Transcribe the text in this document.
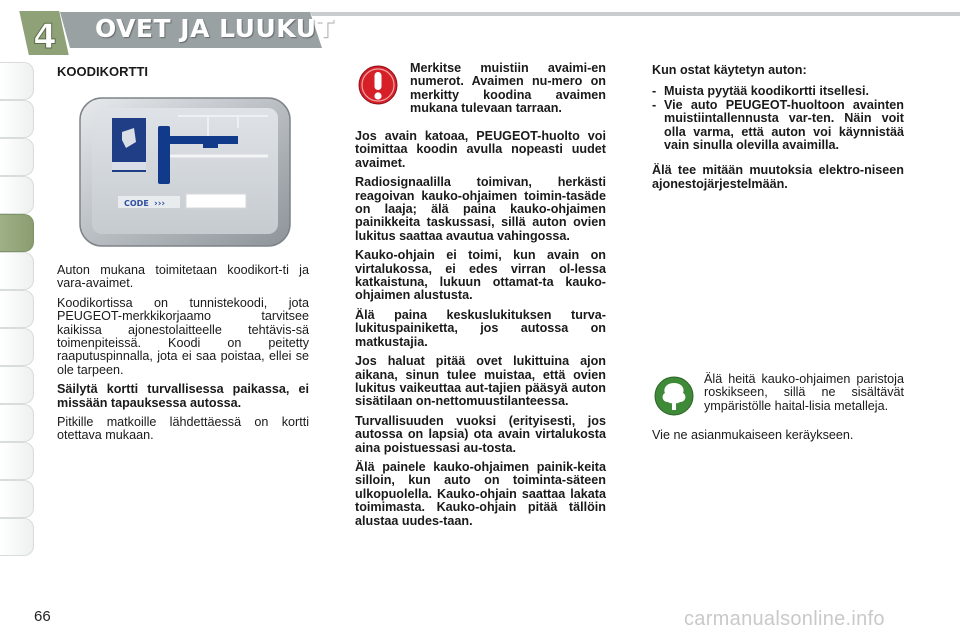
4 OVET JA LUUKUT
KOODIKORTTI
CODE ›››

Auton mukana toimitetaan koodikort-ti ja vara-avaimet.

Koodikortissa on tunnistekoodi, jota PEUGEOT-merkkikorjaamo tarvitsee kaikissa ajonestolaitteelle tehtävis-sä toimenpiteissä. Koodi on peitetty raaputuspinnalla, jota ei saa poistaa, ellei se ole tarpeen.

Säilytä kortti turvallisessa paikassa, ei missään tapauksessa autossa.

Pitkille matkoille lähdettäessä on kortti otettava mukaan.

Merkitse muistiin avaimi-en numerot. Avaimen nu-mero on merkitty koodina avaimen mukana tulevaan tarraan.

Jos avain katoaa, PEUGEOT-huolto voi toimittaa koodin avulla nopeasti uudet avaimet.

Radiosignaalilla toimivan, herkästi reagoivan kauko-ohjaimen toimin-tasäde on laaja; älä paina kauko-ohjaimen painikkeita taskussasi, sillä auton ovien lukitus saattaa avautua vahingossa.

Kauko-ohjain ei toimi, kun avain on virtalukossa, ei edes virran ol-lessa katkaistuna, lukuun ottamat-ta kauko-ohjaimen alustusta.

Älä paina keskuslukituksen turva-lukituspainiketta, jos autossa on matkustajia.

Jos haluat pitää ovet lukittuina ajon aikana, sinun tulee muistaa, että ovien lukitus vaikeuttaa aut-tajien pääsyä auton sisätilaan on-nettomuustilanteessa.

Turvallisuuden vuoksi (erityisesti, jos autossa on lapsia) ota avain virtalukosta aina poistuessasi au-tosta.

Älä painele kauko-ohjaimen painik-keita silloin, kun auto on toiminta-säteen ulkopuolella. Kauko-ohjain saattaa lakata toimimasta. Kauko-ohjain pitää tällöin alustaa uudes-taan.

Kun ostat käytetyn auton:
- Muista pyytää koodikortti itsellesi.
- Vie auto PEUGEOT-huoltoon avainten muistiintallennusta var-ten. Näin voit olla varma, että auton voi käynnistää vain sinulla olevilla avaimilla.

Älä tee mitään muutoksia elektro-niseen ajonestojärjestelmään.

Älä heitä kauko-ohjaimen paristoja roskikseen, sillä ne sisältävät ympäristölle haital-lisia metalleja.
Vie ne asianmukaiseen keräykseen.
66	carmanualsonline.info
